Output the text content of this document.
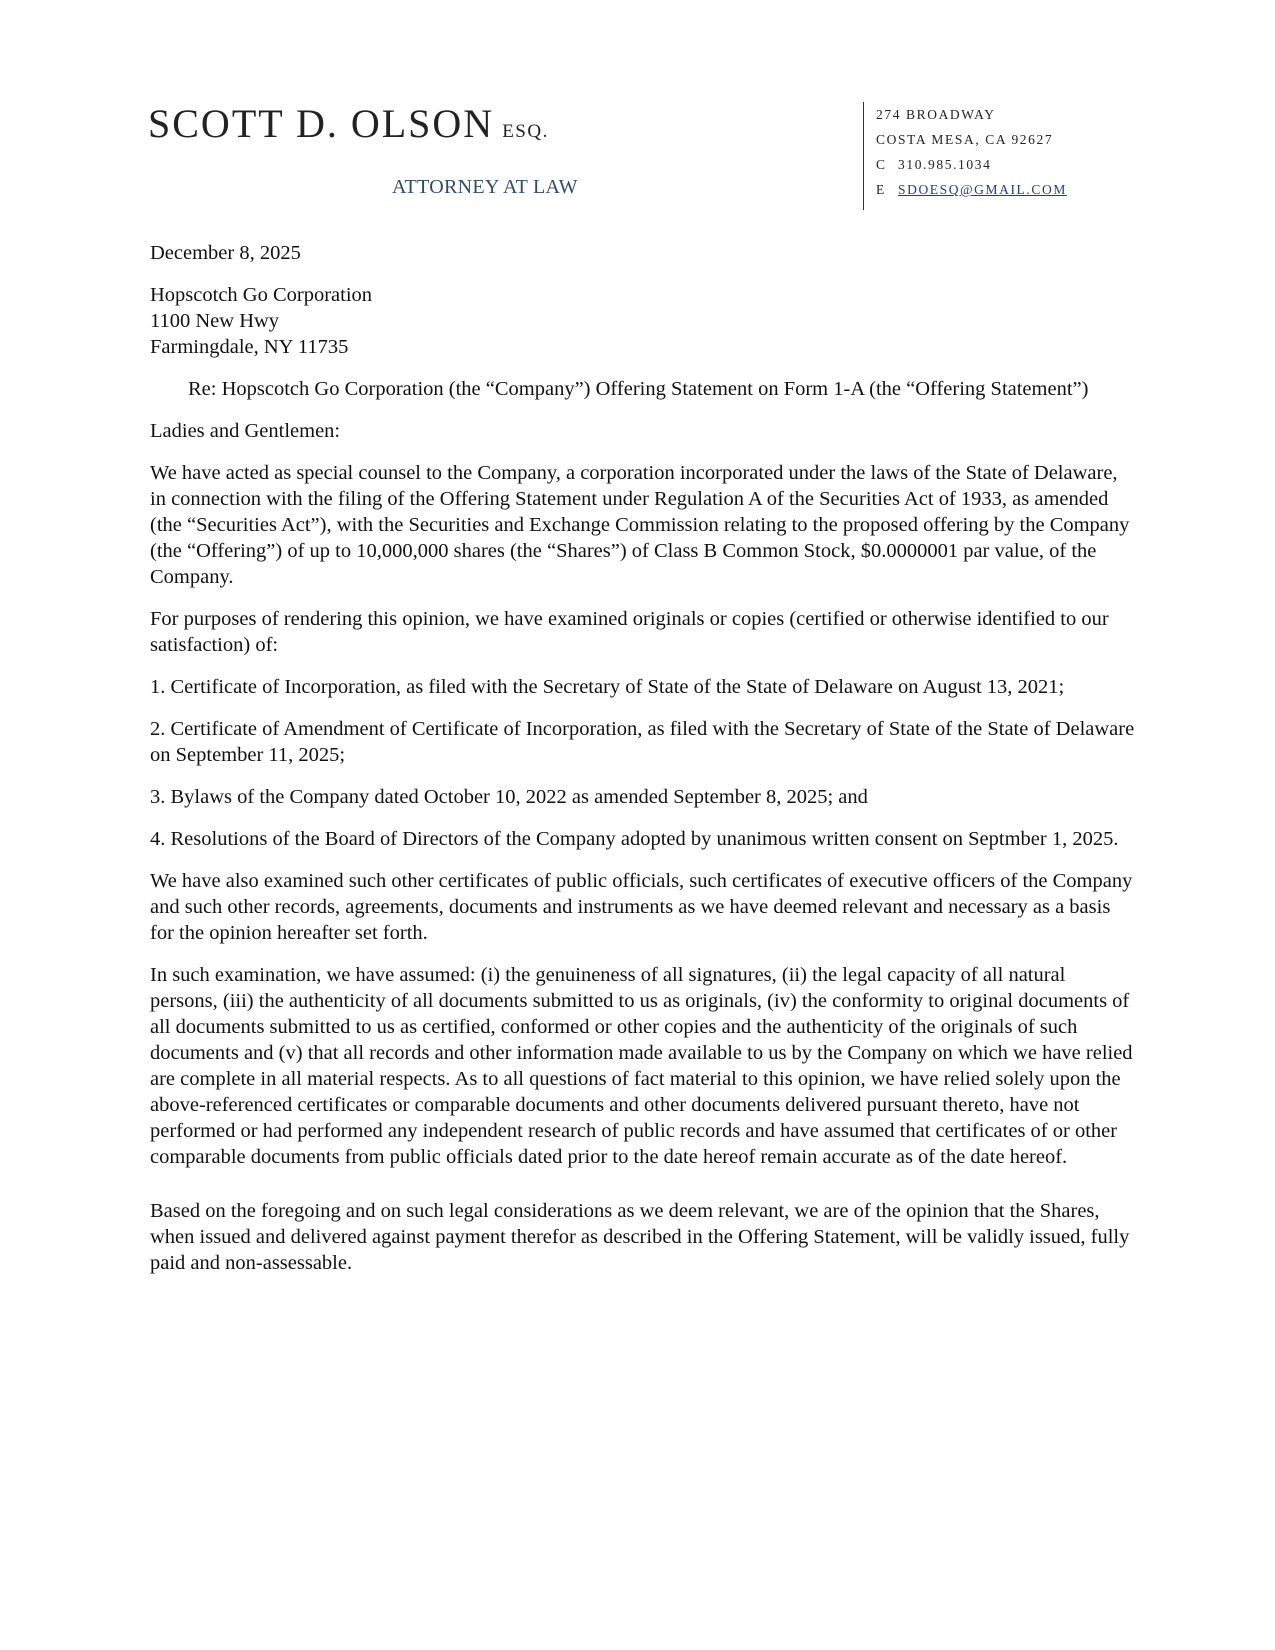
SCOTT D. OLSON ESQ.
ATTORNEY AT LAW
274 BROADWAY
COSTA MESA, CA 92627
C 310.985.1034
E SDOESQ@GMAIL.COM

December 8, 2025

Hopscotch Go Corporation

1100 New Hwy

Farmingdale, NY 11735

Re: Hopscotch Go Corporation (the “Company”) Offering Statement on Form 1-A (the “Offering Statement”)

Ladies and Gentlemen:

We have acted as special counsel to the Company, a corporation incorporated under the laws of the State of Delaware, in connection with the filing of the Offering Statement under Regulation A of the Securities Act of 1933, as amended (the “Securities Act”), with the Securities and Exchange Commission relating to the proposed offering by the Company (the “Offering”) of up to 10,000,000 shares (the “Shares”) of Class B Common Stock, $0.0000001 par value, of the Company.

For purposes of rendering this opinion, we have examined originals or copies (certified or otherwise identified to our satisfaction) of:

1. Certificate of Incorporation, as filed with the Secretary of State of the State of Delaware on August 13, 2021;

2. Certificate of Amendment of Certificate of Incorporation, as filed with the Secretary of State of the State of Delaware on September 11, 2025;

3. Bylaws of the Company dated October 10, 2022 as amended September 8, 2025; and

4. Resolutions of the Board of Directors of the Company adopted by unanimous written consent on Septmber 1, 2025.

We have also examined such other certificates of public officials, such certificates of executive officers of the Company and such other records, agreements, documents and instruments as we have deemed relevant and necessary as a basis for the opinion hereafter set forth.

In such examination, we have assumed: (i) the genuineness of all signatures, (ii) the legal capacity of all natural persons, (iii) the authenticity of all documents submitted to us as originals, (iv) the conformity to original documents of all documents submitted to us as certified, conformed or other copies and the authenticity of the originals of such documents and (v) that all records and other information made available to us by the Company on which we have relied are complete in all material respects. As to all questions of fact material to this opinion, we have relied solely upon the above-referenced certificates or comparable documents and other documents delivered pursuant thereto, have not performed or had performed any independent research of public records and have assumed that certificates of or other comparable documents from public officials dated prior to the date hereof remain accurate as of the date hereof.

Based on the foregoing and on such legal considerations as we deem relevant, we are of the opinion that the Shares, when issued and delivered against payment therefor as described in the Offering Statement, will be validly issued, fully paid and non-assessable.
